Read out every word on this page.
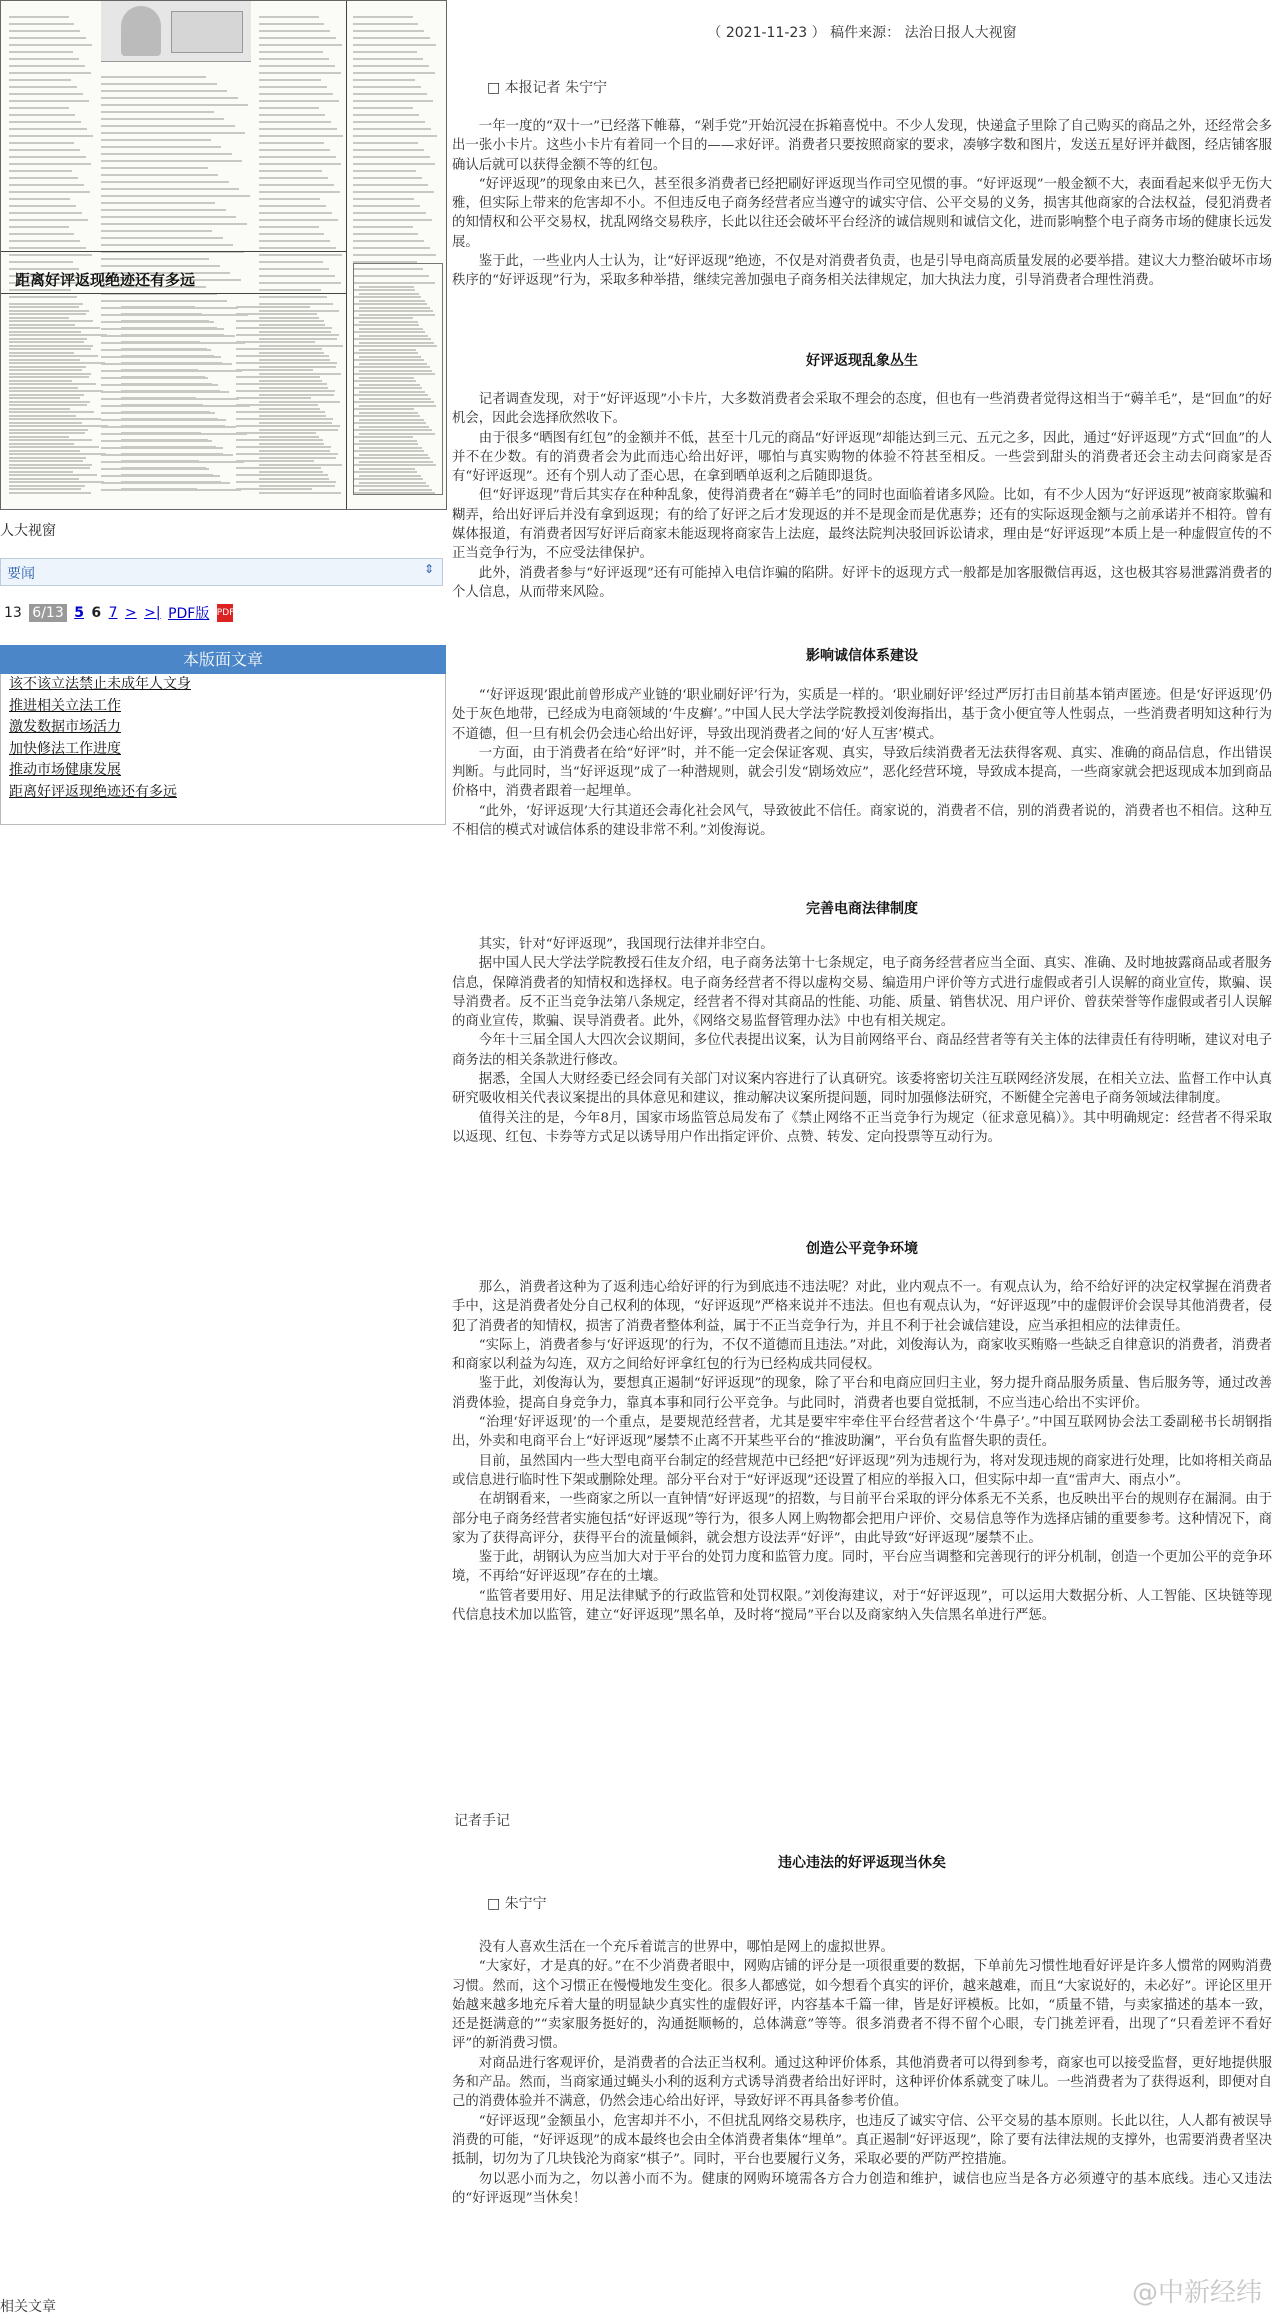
距离好评返现绝迹还有多远
人大视窗
要闻	⇕
13 6/13 5 6 7 > >| PDF版 PDF
本版面文章
该不该立法禁止未成年人文身
推进相关立法工作
激发数据市场活力
加快修法工作进度
推动市场健康发展
距离好评返现绝迹还有多远
相关文章
（ 2021-11-23 ） 稿件来源： 法治日报人大视窗
□ 本报记者 朱宁宁

一年一度的“双十一”已经落下帷幕，“剁手党”开始沉浸在拆箱喜悦中。不少人发现，快递盒子里除了自己购买的商品之外，还经常会多出一张小卡片。这些小卡片有着同一个目的——求好评。消费者只要按照商家的要求，凑够字数和图片，发送五星好评并截图，经店铺客服确认后就可以获得金额不等的红包。

“好评返现”的现象由来已久，甚至很多消费者已经把刷好评返现当作司空见惯的事。“好评返现”一般金额不大，表面看起来似乎无伤大雅，但实际上带来的危害却不小。不但违反电子商务经营者应当遵守的诚实守信、公平交易的义务，损害其他商家的合法权益，侵犯消费者的知情权和公平交易权，扰乱网络交易秩序，长此以往还会破坏平台经济的诚信规则和诚信文化，进而影响整个电子商务市场的健康长远发展。

鉴于此，一些业内人士认为，让“好评返现”绝迹，不仅是对消费者负责，也是引导电商高质量发展的必要举措。建议大力整治破坏市场秩序的“好评返现”行为，采取多种举措，继续完善加强电子商务相关法律规定，加大执法力度，引导消费者合理性消费。

好评返现乱象丛生

记者调查发现，对于“好评返现”小卡片，大多数消费者会采取不理会的态度，但也有一些消费者觉得这相当于“薅羊毛”，是“回血”的好机会，因此会选择欣然收下。

由于很多“晒图有红包”的金额并不低，甚至十几元的商品“好评返现”却能达到三元、五元之多，因此，通过“好评返现”方式“回血”的人并不在少数。有的消费者会为此而违心给出好评，哪怕与真实购物的体验不符甚至相反。一些尝到甜头的消费者还会主动去问商家是否有“好评返现”。还有个别人动了歪心思，在拿到晒单返利之后随即退货。

但“好评返现”背后其实存在种种乱象，使得消费者在“薅羊毛”的同时也面临着诸多风险。比如，有不少人因为“好评返现”被商家欺骗和糊弄，给出好评后并没有拿到返现；有的给了好评之后才发现返的并不是现金而是优惠券；还有的实际返现金额与之前承诺并不相符。曾有媒体报道，有消费者因写好评后商家未能返现将商家告上法庭，最终法院判决驳回诉讼请求，理由是“好评返现”本质上是一种虚假宣传的不正当竞争行为，不应受法律保护。

此外，消费者参与“好评返现”还有可能掉入电信诈骗的陷阱。好评卡的返现方式一般都是加客服微信再返，这也极其容易泄露消费者的个人信息，从而带来风险。

影响诚信体系建设

“‘好评返现’跟此前曾形成产业链的‘职业刷好评’行为，实质是一样的。‘职业刷好评’经过严厉打击目前基本销声匿迹。但是‘好评返现’仍处于灰色地带，已经成为电商领域的‘牛皮癣’。”中国人民大学法学院教授刘俊海指出，基于贪小便宜等人性弱点，一些消费者明知这种行为不道德，但一旦有机会仍会违心给出好评，导致出现消费者之间的‘好人互害’模式。

一方面，由于消费者在给“好评”时，并不能一定会保证客观、真实，导致后续消费者无法获得客观、真实、准确的商品信息，作出错误判断。与此同时，当“好评返现”成了一种潜规则，就会引发“剧场效应”，恶化经营环境，导致成本提高，一些商家就会把返现成本加到商品价格中，消费者跟着一起埋单。

“此外，‘好评返现’大行其道还会毒化社会风气，导致彼此不信任。商家说的，消费者不信，别的消费者说的，消费者也不相信。这种互不相信的模式对诚信体系的建设非常不利。”刘俊海说。

完善电商法律制度

其实，针对“好评返现”，我国现行法律并非空白。

据中国人民大学法学院教授石佳友介绍，电子商务法第十七条规定，电子商务经营者应当全面、真实、准确、及时地披露商品或者服务信息，保障消费者的知情权和选择权。电子商务经营者不得以虚构交易、编造用户评价等方式进行虚假或者引人误解的商业宣传，欺骗、误导消费者。反不正当竞争法第八条规定，经营者不得对其商品的性能、功能、质量、销售状况、用户评价、曾获荣誉等作虚假或者引人误解的商业宣传，欺骗、误导消费者。此外，《网络交易监督管理办法》中也有相关规定。

今年十三届全国人大四次会议期间，多位代表提出议案，认为目前网络平台、商品经营者等有关主体的法律责任有待明晰，建议对电子商务法的相关条款进行修改。

据悉，全国人大财经委已经会同有关部门对议案内容进行了认真研究。该委将密切关注互联网经济发展，在相关立法、监督工作中认真研究吸收相关代表议案提出的具体意见和建议，推动解决议案所提问题，同时加强修法研究，不断健全完善电子商务领域法律制度。

值得关注的是，今年8月，国家市场监管总局发布了《禁止网络不正当竞争行为规定（征求意见稿）》。其中明确规定：经营者不得采取以返现、红包、卡券等方式足以诱导用户作出指定评价、点赞、转发、定向投票等互动行为。

创造公平竞争环境

那么，消费者这种为了返利违心给好评的行为到底违不违法呢？对此，业内观点不一。有观点认为，给不给好评的决定权掌握在消费者手中，这是消费者处分自己权利的体现，“好评返现”严格来说并不违法。但也有观点认为，“好评返现”中的虚假评价会误导其他消费者，侵犯了消费者的知情权，损害了消费者整体利益，属于不正当竞争行为，并且不利于社会诚信建设，应当承担相应的法律责任。

“实际上，消费者参与‘好评返现’的行为，不仅不道德而且违法。”对此，刘俊海认为，商家收买贿赂一些缺乏自律意识的消费者，消费者和商家以利益为勾连，双方之间给好评拿红包的行为已经构成共同侵权。

鉴于此，刘俊海认为，要想真正遏制“好评返现”的现象，除了平台和电商应回归主业，努力提升商品服务质量、售后服务等，通过改善消费体验，提高自身竞争力，靠真本事和同行公平竞争。与此同时，消费者也要自觉抵制，不应当违心给出不实评价。

“治理‘好评返现’的一个重点，是要规范经营者，尤其是要牢牢牵住平台经营者这个‘牛鼻子’。”中国互联网协会法工委副秘书长胡钢指出，外卖和电商平台上“好评返现”屡禁不止离不开某些平台的“推波助澜”，平台负有监督失职的责任。

目前，虽然国内一些大型电商平台制定的经营规范中已经把“好评返现”列为违规行为，将对发现违规的商家进行处理，比如将相关商品或信息进行临时性下架或删除处理。部分平台对于“好评返现”还设置了相应的举报入口，但实际中却一直“雷声大、雨点小”。

在胡钢看来，一些商家之所以一直钟情“好评返现”的招数，与目前平台采取的评分体系无不关系，也反映出平台的规则存在漏洞。由于部分电子商务经营者实施包括“好评返现”等行为，很多人网上购物都会把用户评价、交易信息等作为选择店铺的重要参考。这种情况下，商家为了获得高评分，获得平台的流量倾斜，就会想方设法弄“好评”，由此导致“好评返现”屡禁不止。

鉴于此，胡钢认为应当加大对于平台的处罚力度和监管力度。同时，平台应当调整和完善现行的评分机制，创造一个更加公平的竞争环境，不再给“好评返现”存在的土壤。

“监管者要用好、用足法律赋予的行政监管和处罚权限。”刘俊海建议，对于“好评返现”，可以运用大数据分析、人工智能、区块链等现代信息技术加以监管，建立“好评返现”黑名单，及时将“搅局”平台以及商家纳入失信黑名单进行严惩。

记者手记
违心违法的好评返现当休矣
□ 朱宁宁

没有人喜欢生活在一个充斥着谎言的世界中，哪怕是网上的虚拟世界。

“大家好，才是真的好。”在不少消费者眼中，网购店铺的评分是一项很重要的数据，下单前先习惯性地看好评是许多人惯常的网购消费习惯。然而，这个习惯正在慢慢地发生变化。很多人都感觉，如今想看个真实的评价，越来越难，而且“大家说好的，未必好”。评论区里开始越来越多地充斥着大量的明显缺少真实性的虚假好评，内容基本千篇一律，皆是好评模板。比如，“质量不错，与卖家描述的基本一致，还是挺满意的”“卖家服务挺好的，沟通挺顺畅的，总体满意”等等。很多消费者不得不留个心眼，专门挑差评看，出现了“只看差评不看好评”的新消费习惯。

对商品进行客观评价，是消费者的合法正当权利。通过这种评价体系，其他消费者可以得到参考，商家也可以接受监督，更好地提供服务和产品。然而，当商家通过蝇头小利的返利方式诱导消费者给出好评时，这种评价体系就变了味儿。一些消费者为了获得返利，即便对自己的消费体验并不满意，仍然会违心给出好评，导致好评不再具备参考价值。

“好评返现”金额虽小，危害却并不小，不但扰乱网络交易秩序，也违反了诚实守信、公平交易的基本原则。长此以往，人人都有被误导消费的可能，“好评返现”的成本最终也会由全体消费者集体“埋单”。真正遏制“好评返现”，除了要有法律法规的支撑外，也需要消费者坚决抵制，切勿为了几块钱沦为商家“棋子”。同时，平台也要履行义务，采取必要的严防严控措施。

勿以恶小而为之，勿以善小而不为。健康的网购环境需各方合力创造和维护，诚信也应当是各方必须遵守的基本底线。违心又违法的“好评返现”当休矣！

@中新经纬
